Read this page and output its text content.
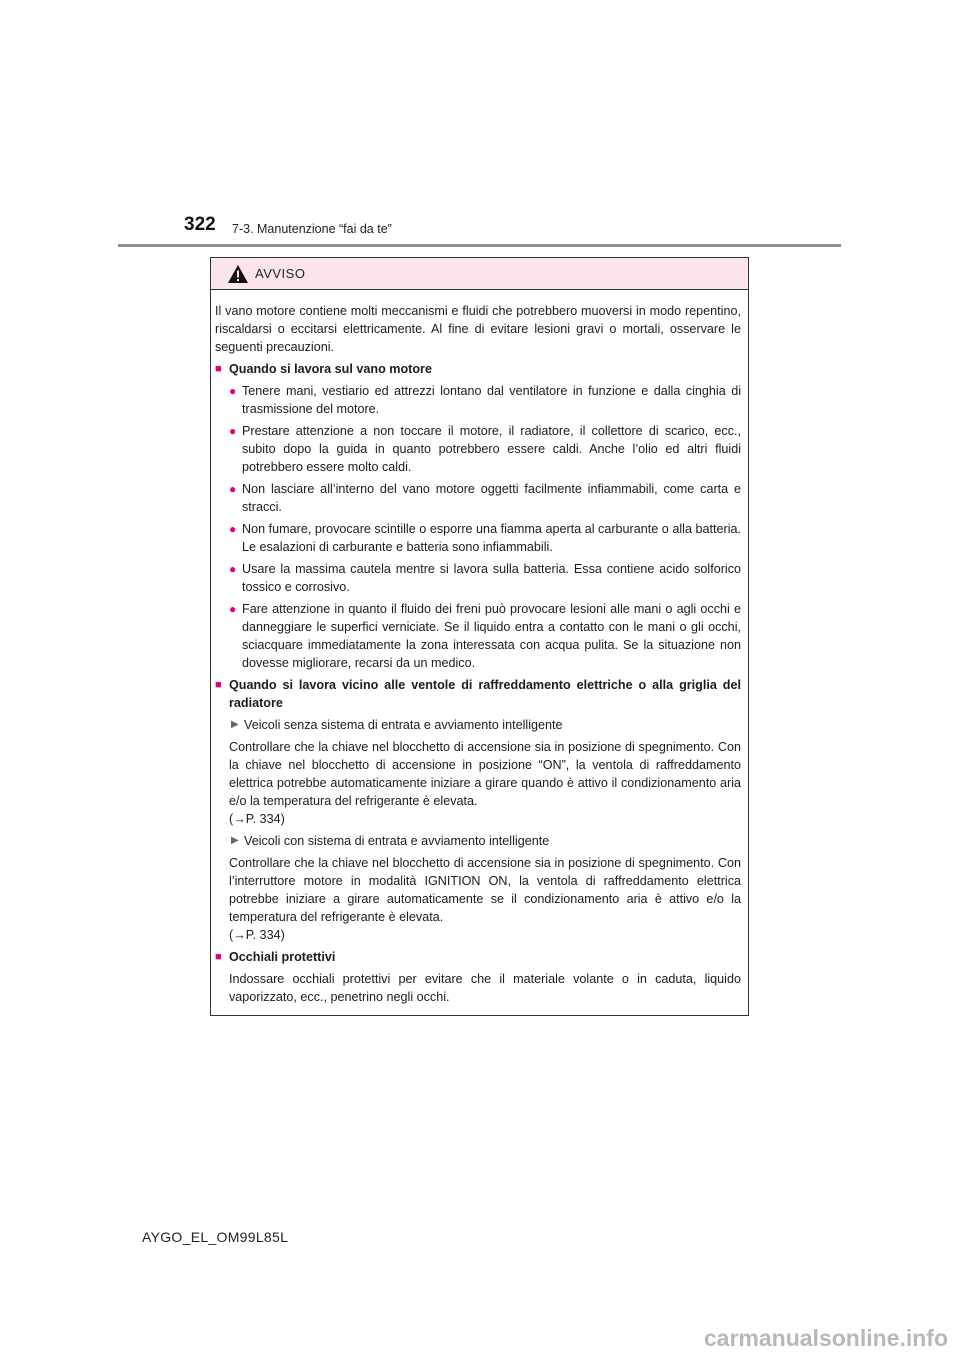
322 7-3. Manutenzione “fai da te”
AVVISO

Il vano motore contiene molti meccanismi e fluidi che potrebbero muoversi in modo repentino, riscaldarsi o eccitarsi elettricamente. Al fine di evitare lesioni gravi o mortali, osservare le seguenti precauzioni.

■ Quando si lavora sul vano motore
● Tenere mani, vestiario ed attrezzi lontano dal ventilatore in funzione e dalla cinghia di trasmissione del motore.
● Prestare attenzione a non toccare il motore, il radiatore, il collettore di scarico, ecc., subito dopo la guida in quanto potrebbero essere caldi. Anche l’olio ed altri fluidi potrebbero essere molto caldi.
● Non lasciare all’interno del vano motore oggetti facilmente infiammabili, come carta e stracci.
● Non fumare, provocare scintille o esporre una fiamma aperta al carburante o alla batteria. Le esalazioni di carburante e batteria sono infiammabili.
● Usare la massima cautela mentre si lavora sulla batteria. Essa contiene acido solforico tossico e corrosivo.
● Fare attenzione in quanto il fluido dei freni può provocare lesioni alle mani o agli occhi e danneggiare le superfici verniciate. Se il liquido entra a contatto con le mani o gli occhi, sciacquare immediatamente la zona interessata con acqua pulita. Se la situazione non dovesse migliorare, recarsi da un medico.
■ Quando si lavora vicino alle ventole di raffreddamento elettriche o alla griglia del radiatore
▶ Veicoli senza sistema di entrata e avviamento intelligente

Controllare che la chiave nel blocchetto di accensione sia in posizione di spegnimento. Con la chiave nel blocchetto di accensione in posizione “ON”, la ventola di raffreddamento elettrica potrebbe automaticamente iniziare a girare quando è attivo il condizionamento aria e/o la temperatura del refrigerante è elevata.
(→P. 334)

▶ Veicoli con sistema di entrata e avviamento intelligente

Controllare che la chiave nel blocchetto di accensione sia in posizione di spegnimento. Con l’interruttore motore in modalità IGNITION ON, la ventola di raffreddamento elettrica potrebbe iniziare a girare automaticamente se il condizionamento aria è attivo e/o la temperatura del refrigerante è elevata.
(→P. 334)

■ Occhiali protettivi

Indossare occhiali protettivi per evitare che il materiale volante o in caduta, liquido vaporizzato, ecc., penetrino negli occhi.

AYGO_EL_OM99L85L
carmanualsonline.info
